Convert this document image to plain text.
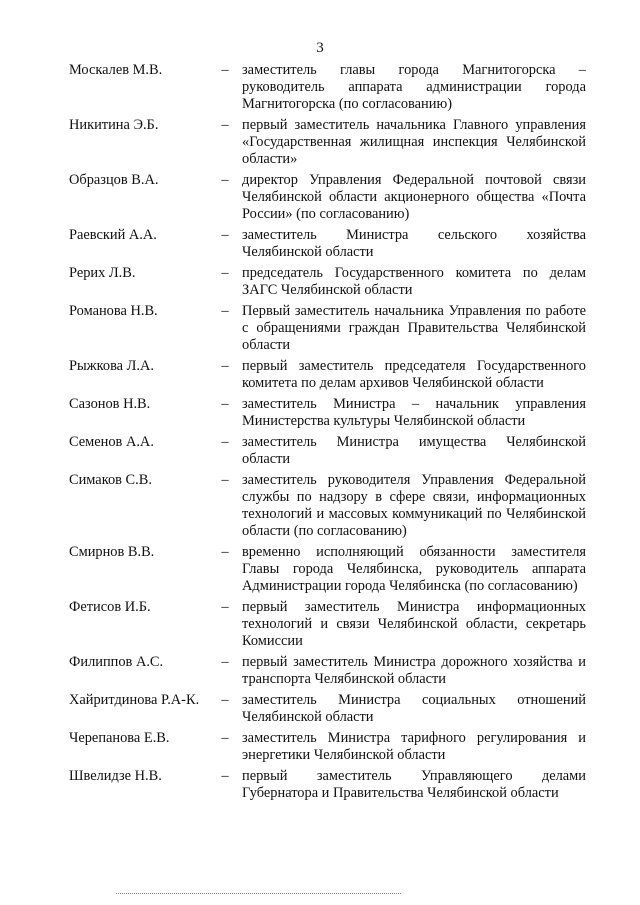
3
Москалев М.В.	– заместитель главы города Магнитогорска – руководитель аппарата администрации города Магнитогорска (по согласованию)
Никитина Э.Б.	– первый заместитель начальника Главного управления «Государственная жилищная инспекция Челябинской области»
Образцов В.А.	– директор Управления Федеральной почтовой связи Челябинской области акционерного общества «Почта России» (по согласованию)
Раевский А.А.	– заместитель Министра сельского хозяйства Челябинской области
Рерих Л.В.	– председатель Государственного комитета по делам ЗАГС Челябинской области
Романова Н.В.	– Первый заместитель начальника Управления по работе с обращениями граждан Правительства Челябинской области
Рыжкова Л.А.	– первый заместитель председателя Государственного комитета по делам архивов Челябинской области
Сазонов Н.В.	– заместитель Министра – начальник управления Министерства культуры Челябинской области
Семенов А.А.	– заместитель Министра имущества Челябинской области
Симаков С.В.	– заместитель руководителя Управления Федеральной службы по надзору в сфере связи, информационных технологий и массовых коммуникаций по Челябинской области (по согласованию)
Смирнов В.В.	– временно исполняющий обязанности заместителя Главы города Челябинска, руководитель аппарата Администрации города Челябинска (по согласованию)
Фетисов И.Б.	– первый заместитель Министра информационных технологий и связи Челябинской области, секретарь Комиссии
Филиппов А.С.	– первый заместитель Министра дорожного хозяйства и транспорта Челябинской области
Хайритдинова Р.А-К. – заместитель Министра социальных отношений Челябинской области
Черепанова Е.В.	– заместитель Министра тарифного регулирования и энергетики Челябинской области
Швелидзе Н.В.	– первый заместитель Управляющего делами Губернатора и Правительства Челябинской области
